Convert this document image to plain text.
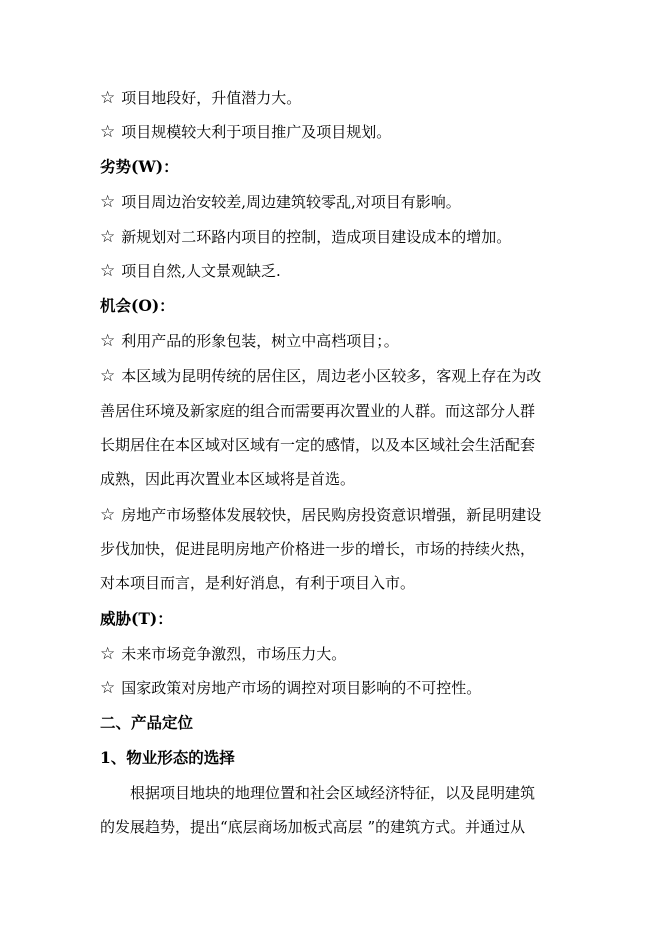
☆ 项目地段好，升值潜力大。
☆ 项目规模较大利于项目推广及项目规划。
劣势(W)：
☆ 项目周边治安较差,周边建筑较零乱,对项目有影响。
☆ 新规划对二环路内项目的控制，造成项目建设成本的增加。
☆ 项目自然,人文景观缺乏.
机会(O)：
☆ 利用产品的形象包装，树立中高档项目；。
☆ 本区域为昆明传统的居住区，周边老小区较多，客观上存在为改
善居住环境及新家庭的组合而需要再次置业的人群。而这部分人群
长期居住在本区域对区域有一定的感情，以及本区域社会生活配套
成熟，因此再次置业本区域将是首选。
☆ 房地产市场整体发展较快，居民购房投资意识增强，新昆明建设
步伐加快，促进昆明房地产价格进一步的增长，市场的持续火热，
对本项目而言，是利好消息，有利于项目入市。
威胁(T)：
☆ 未来市场竞争激烈，市场压力大。
☆ 国家政策对房地产市场的调控对项目影响的不可控性。
二、产品定位
1、物业形态的选择
根据项目地块的地理位置和社会区域经济特征，以及昆明建筑
的发展趋势，提出“底层商场加板式高层 ”的建筑方式。并通过从
